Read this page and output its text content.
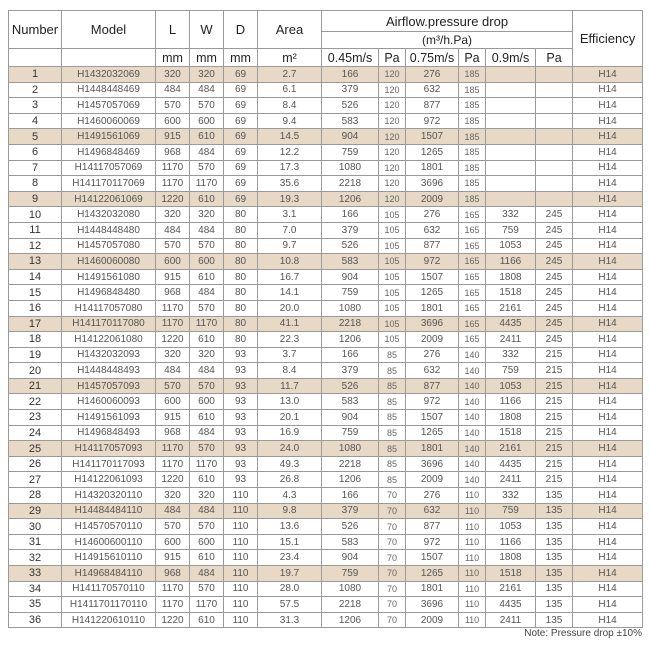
Number	Model	L	W	D	Area	Airflow.pressure drop						Efficiency
						(m³/h.Pa)						
		mm	mm	mm	m²	0.45m/s	Pa	0.75m/s	Pa	0.9m/s	Pa	
1	H1432032069	320	320	69	2.7	166	120	276	185			H14
2	H1448448469	484	484	69	6.1	379	120	632	185			H14
3	H1457057069	570	570	69	8.4	526	120	877	185			H14
4	H1460060069	600	600	69	9.4	583	120	972	185			H14
5	H1491561069	915	610	69	14.5	904	120	1507	185			H14
6	H1496848469	968	484	69	12.2	759	120	1265	185			H14
7	H14117057069	1170	570	69	17.3	1080	120	1801	185			H14
8	H141170117069	1170	1170	69	35.6	2218	120	3696	185			H14
9	H14122061069	1220	610	69	19.3	1206	120	2009	185			H14
10	H1432032080	320	320	80	3.1	166	105	276	165	332	245	H14
11	H1448448480	484	484	80	7.0	379	105	632	165	759	245	H14
12	H1457057080	570	570	80	9.7	526	105	877	165	1053	245	H14
13	H1460060080	600	600	80	10.8	583	105	972	165	1166	245	H14
14	H1491561080	915	610	80	16.7	904	105	1507	165	1808	245	H14
15	H1496848480	968	484	80	14.1	759	105	1265	165	1518	245	H14
16	H14117057080	1170	570	80	20.0	1080	105	1801	165	2161	245	H14
17	H141170117080	1170	1170	80	41.1	2218	105	3696	165	4435	245	H14
18	H14122061080	1220	610	80	22.3	1206	105	2009	165	2411	245	H14
19	H1432032093	320	320	93	3.7	166	85	276	140	332	215	H14
20	H1448448493	484	484	93	8.4	379	85	632	140	759	215	H14
21	H1457057093	570	570	93	11.7	526	85	877	140	1053	215	H14
22	H1460060093	600	600	93	13.0	583	85	972	140	1166	215	H14
23	H1491561093	915	610	93	20.1	904	85	1507	140	1808	215	H14
24	H1496848493	968	484	93	16.9	759	85	1265	140	1518	215	H14
25	H14117057093	1170	570	93	24.0	1080	85	1801	140	2161	215	H14
26	H141170117093	1170	1170	93	49.3	2218	85	3696	140	4435	215	H14
27	H14122061093	1220	610	93	26.8	1206	85	2009	140	2411	215	H14
28	H14320320110	320	320	110	4.3	166	70	276	110	332	135	H14
29	H14484484110	484	484	110	9.8	379	70	632	110	759	135	H14
30	H14570570110	570	570	110	13.6	526	70	877	110	1053	135	H14
31	H14600600110	600	600	110	15.1	583	70	972	110	1166	135	H14
32	H14915610110	915	610	110	23.4	904	70	1507	110	1808	135	H14
33	H14968484110	968	484	110	19.7	759	70	1265	110	1518	135	H14
34	H141170570110	1170	570	110	28.0	1080	70	1801	110	2161	135	H14
35	H1411701170110	1170	1170	110	57.5	2218	70	3696	110	4435	135	H14
36	H141220610110	1220	610	110	31.3	1206	70	2009	110	2411	135	H14
Note: Pressure drop ±10%
